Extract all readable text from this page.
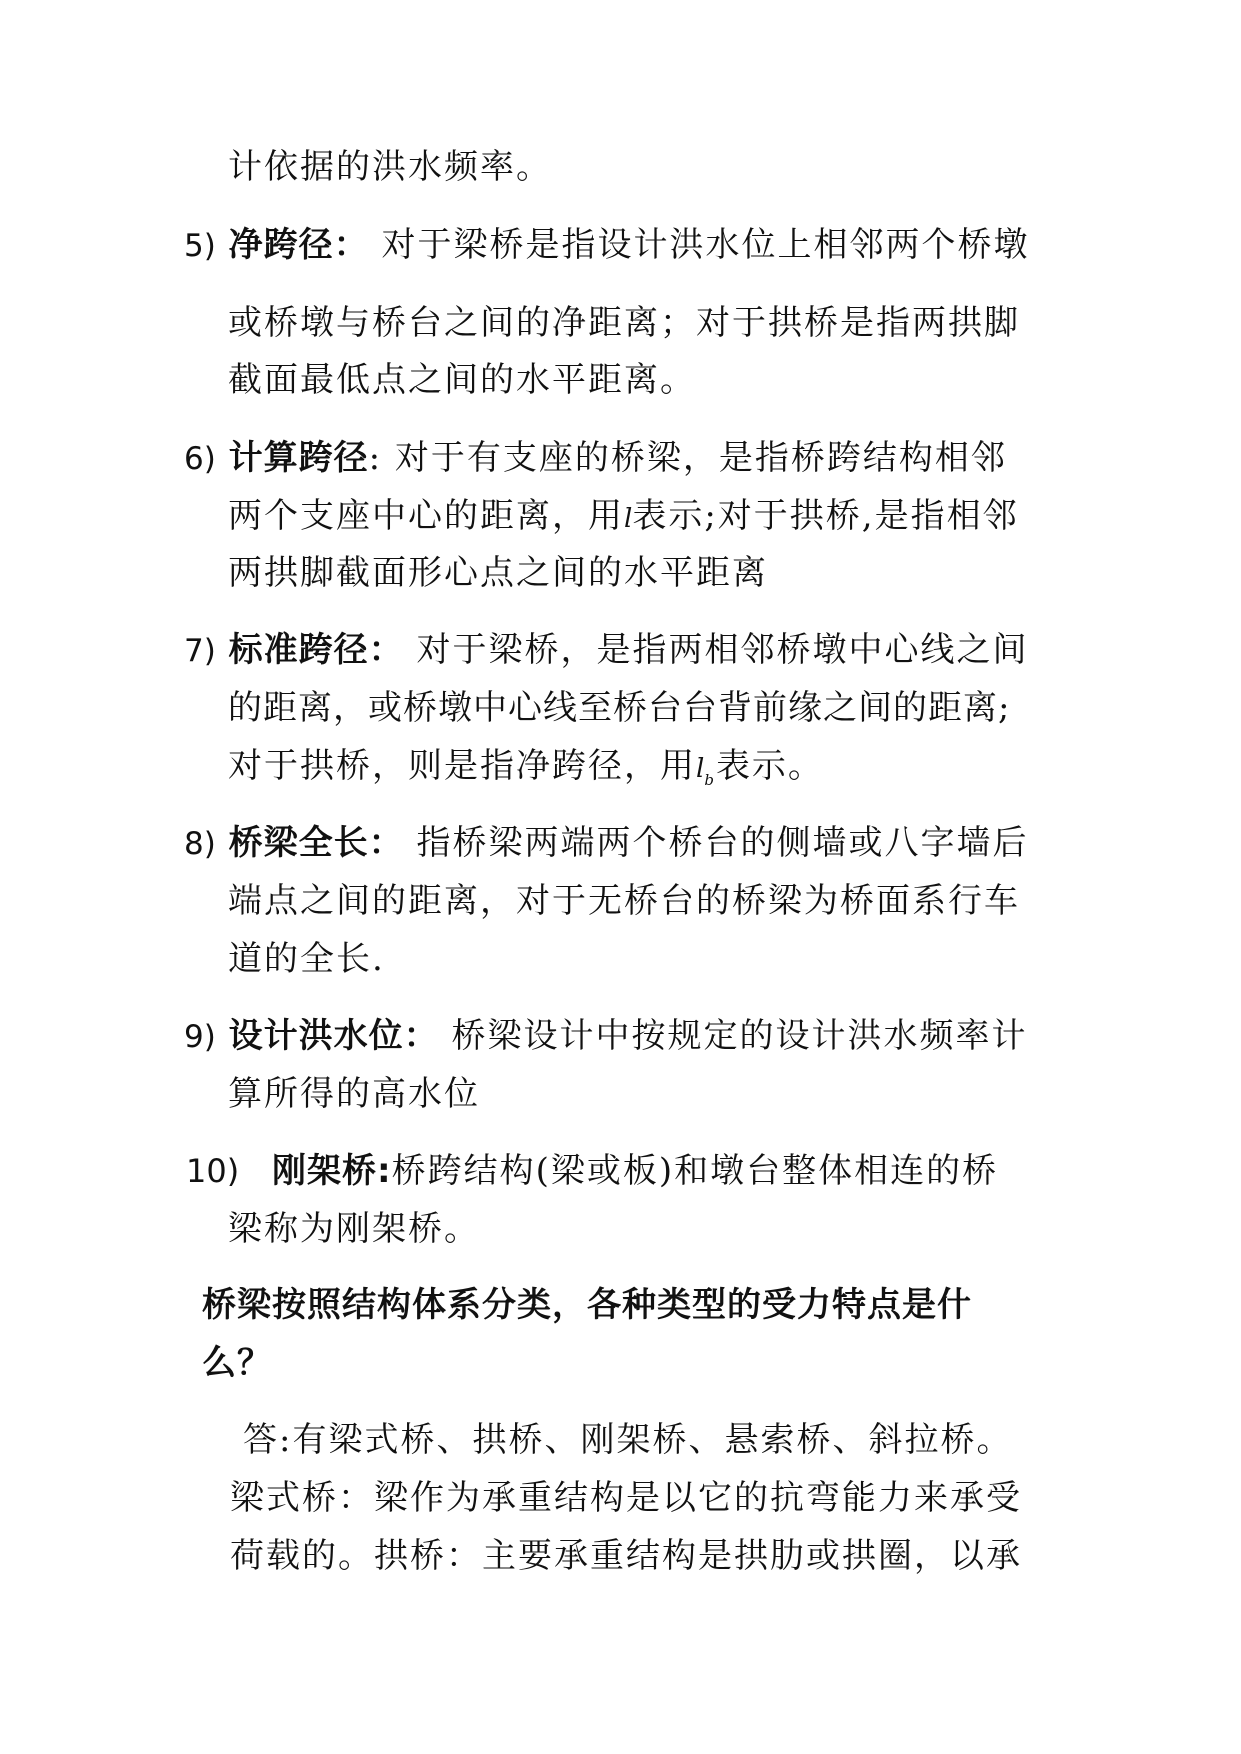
计依据的洪水频率。
5) 净跨径： 对于梁桥是指设计洪水位上相邻两个桥墩
或桥墩与桥台之间的净距离；对于拱桥是指两拱脚
截面最低点之间的水平距离。
6) 计算跨径: 对于有支座的桥梁，是指桥跨结构相邻
两个支座中心的距离，用l表示;对于拱桥,是指相邻
两拱脚截面形心点之间的水平距离
7) 标准跨径： 对于梁桥，是指两相邻桥墩中心线之间
的距离，或桥墩中心线至桥台台背前缘之间的距离;
对于拱桥，则是指净跨径，用$l_b$表示。
8) 桥梁全长： 指桥梁两端两个桥台的侧墙或八字墙后
端点之间的距离，对于无桥台的桥梁为桥面系行车
道的全长.
9) 设计洪水位： 桥梁设计中按规定的设计洪水频率计
算所得的高水位
10) 刚架桥:桥跨结构(梁或板)和墩台整体相连的桥
梁称为刚架桥。
桥梁按照结构体系分类，各种类型的受力特点是什
么？
答:有梁式桥、拱桥、刚架桥、悬索桥、斜拉桥。
梁式桥：梁作为承重结构是以它的抗弯能力来承受
荷载的。拱桥：主要承重结构是拱肋或拱圈，以承
